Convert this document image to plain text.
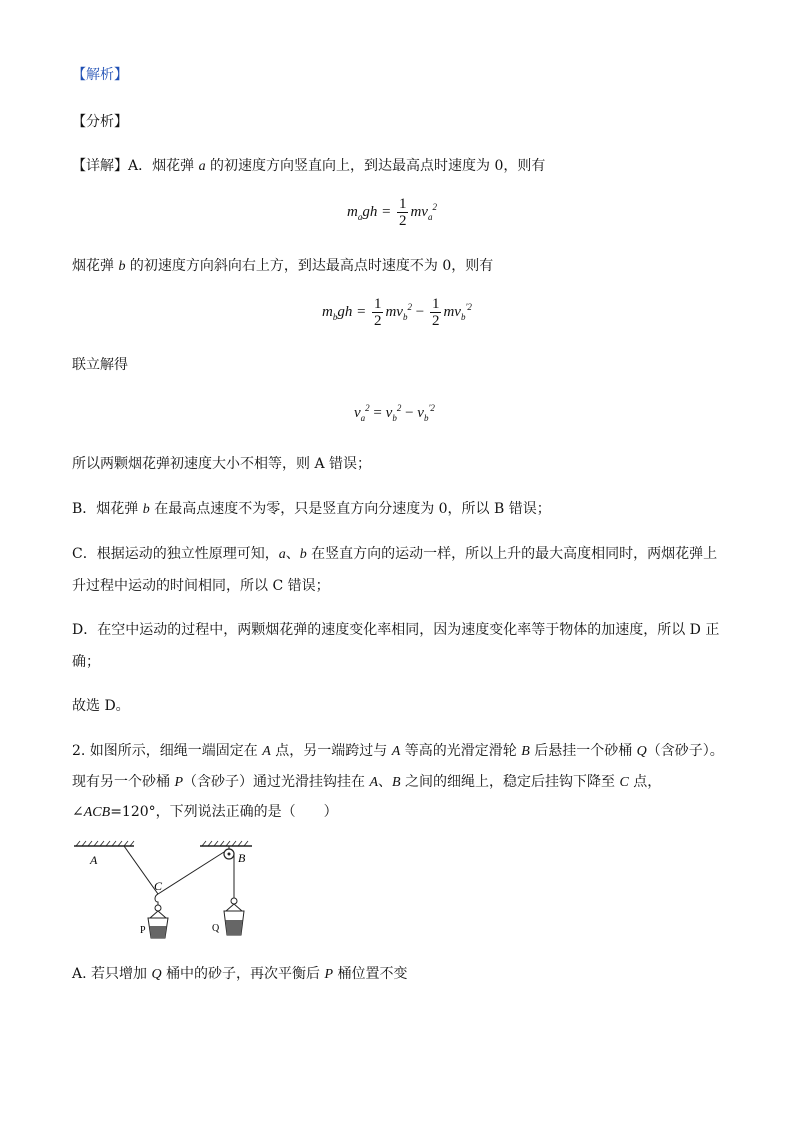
【解析】
【分析】
【详解】A．烟花弹 a 的初速度方向竖直向上，到达最高点时速度为 0，则有
$m_agh = \frac{1}{2} mv_a^2$
烟花弹 b 的初速度方向斜向右上方，到达最高点时速度不为 0，则有
$m_bgh = \frac{1}{2} mv_b^2 - \frac{1}{2} mv_b^{'2}$
联立解得
$v_a^2 = v_b^2 - v_b^{'2}$
所以两颗烟花弹初速度大小不相等，则 A 错误；
B．烟花弹 b 在最高点速度不为零，只是竖直方向分速度为 0，所以 B 错误；
C．根据运动的独立性原理可知，a、b 在竖直方向的运动一样，所以上升的最大高度相同时，两烟花弹上
升过程中运动的时间相同，所以 C 错误；
D．在空中运动的过程中，两颗烟花弹的速度变化率相同，因为速度变化率等于物体的加速度，所以 D 正
确；
故选 D。
2. 如图所示，细绳一端固定在 A 点，另一端跨过与 A 等高的光滑定滑轮 B 后悬挂一个砂桶 Q（含砂子）。
现有另一个砂桶 P（含砂子）通过光滑挂钩挂在 A、B 之间的细绳上，稳定后挂钩下降至 C 点，
∠ACB=120°，下列说法正确的是（　　）
A	B
C
P	Q
A. 若只增加 Q 桶中的砂子，再次平衡后 P 桶位置不变
